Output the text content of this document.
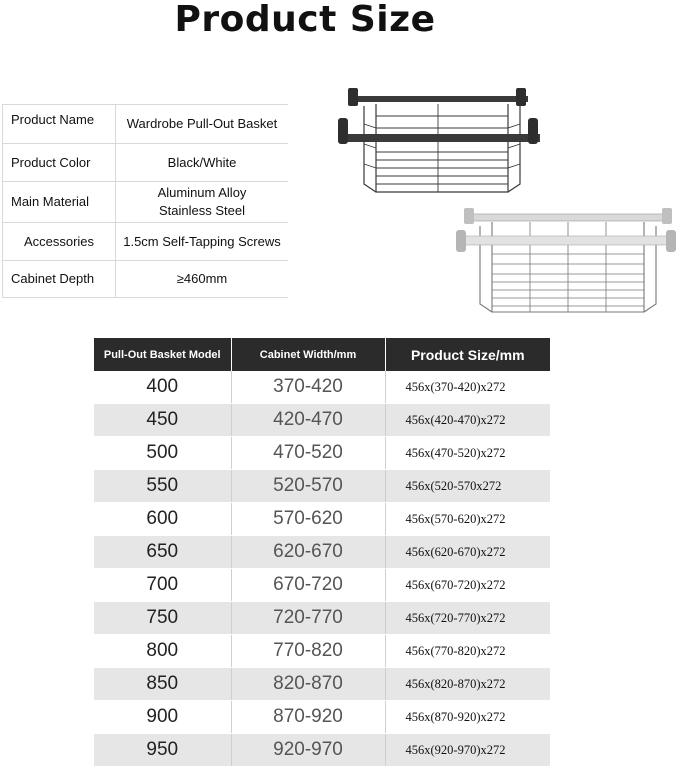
Product Size
Product Name	Wardrobe Pull-Out Basket
Product Color	Black/White
Main Material	Aluminum Alloy
Stainless Steel

Accessories	1.5cm Self-Tapping Screws
Cabinet Depth	≥460mm
Pull-Out Basket Model	Cabinet Width/mm	Product Size/mm
400	370-420	456x(370-420)x272
450	420-470	456x(420-470)x272
500	470-520	456x(470-520)x272
550	520-570	456x(520-570x272
600	570-620	456x(570-620)x272
650	620-670	456x(620-670)x272
700	670-720	456x(670-720)x272
750	720-770	456x(720-770)x272
800	770-820	456x(770-820)x272
850	820-870	456x(820-870)x272
900	870-920	456x(870-920)x272
950	920-970	456x(920-970)x272
